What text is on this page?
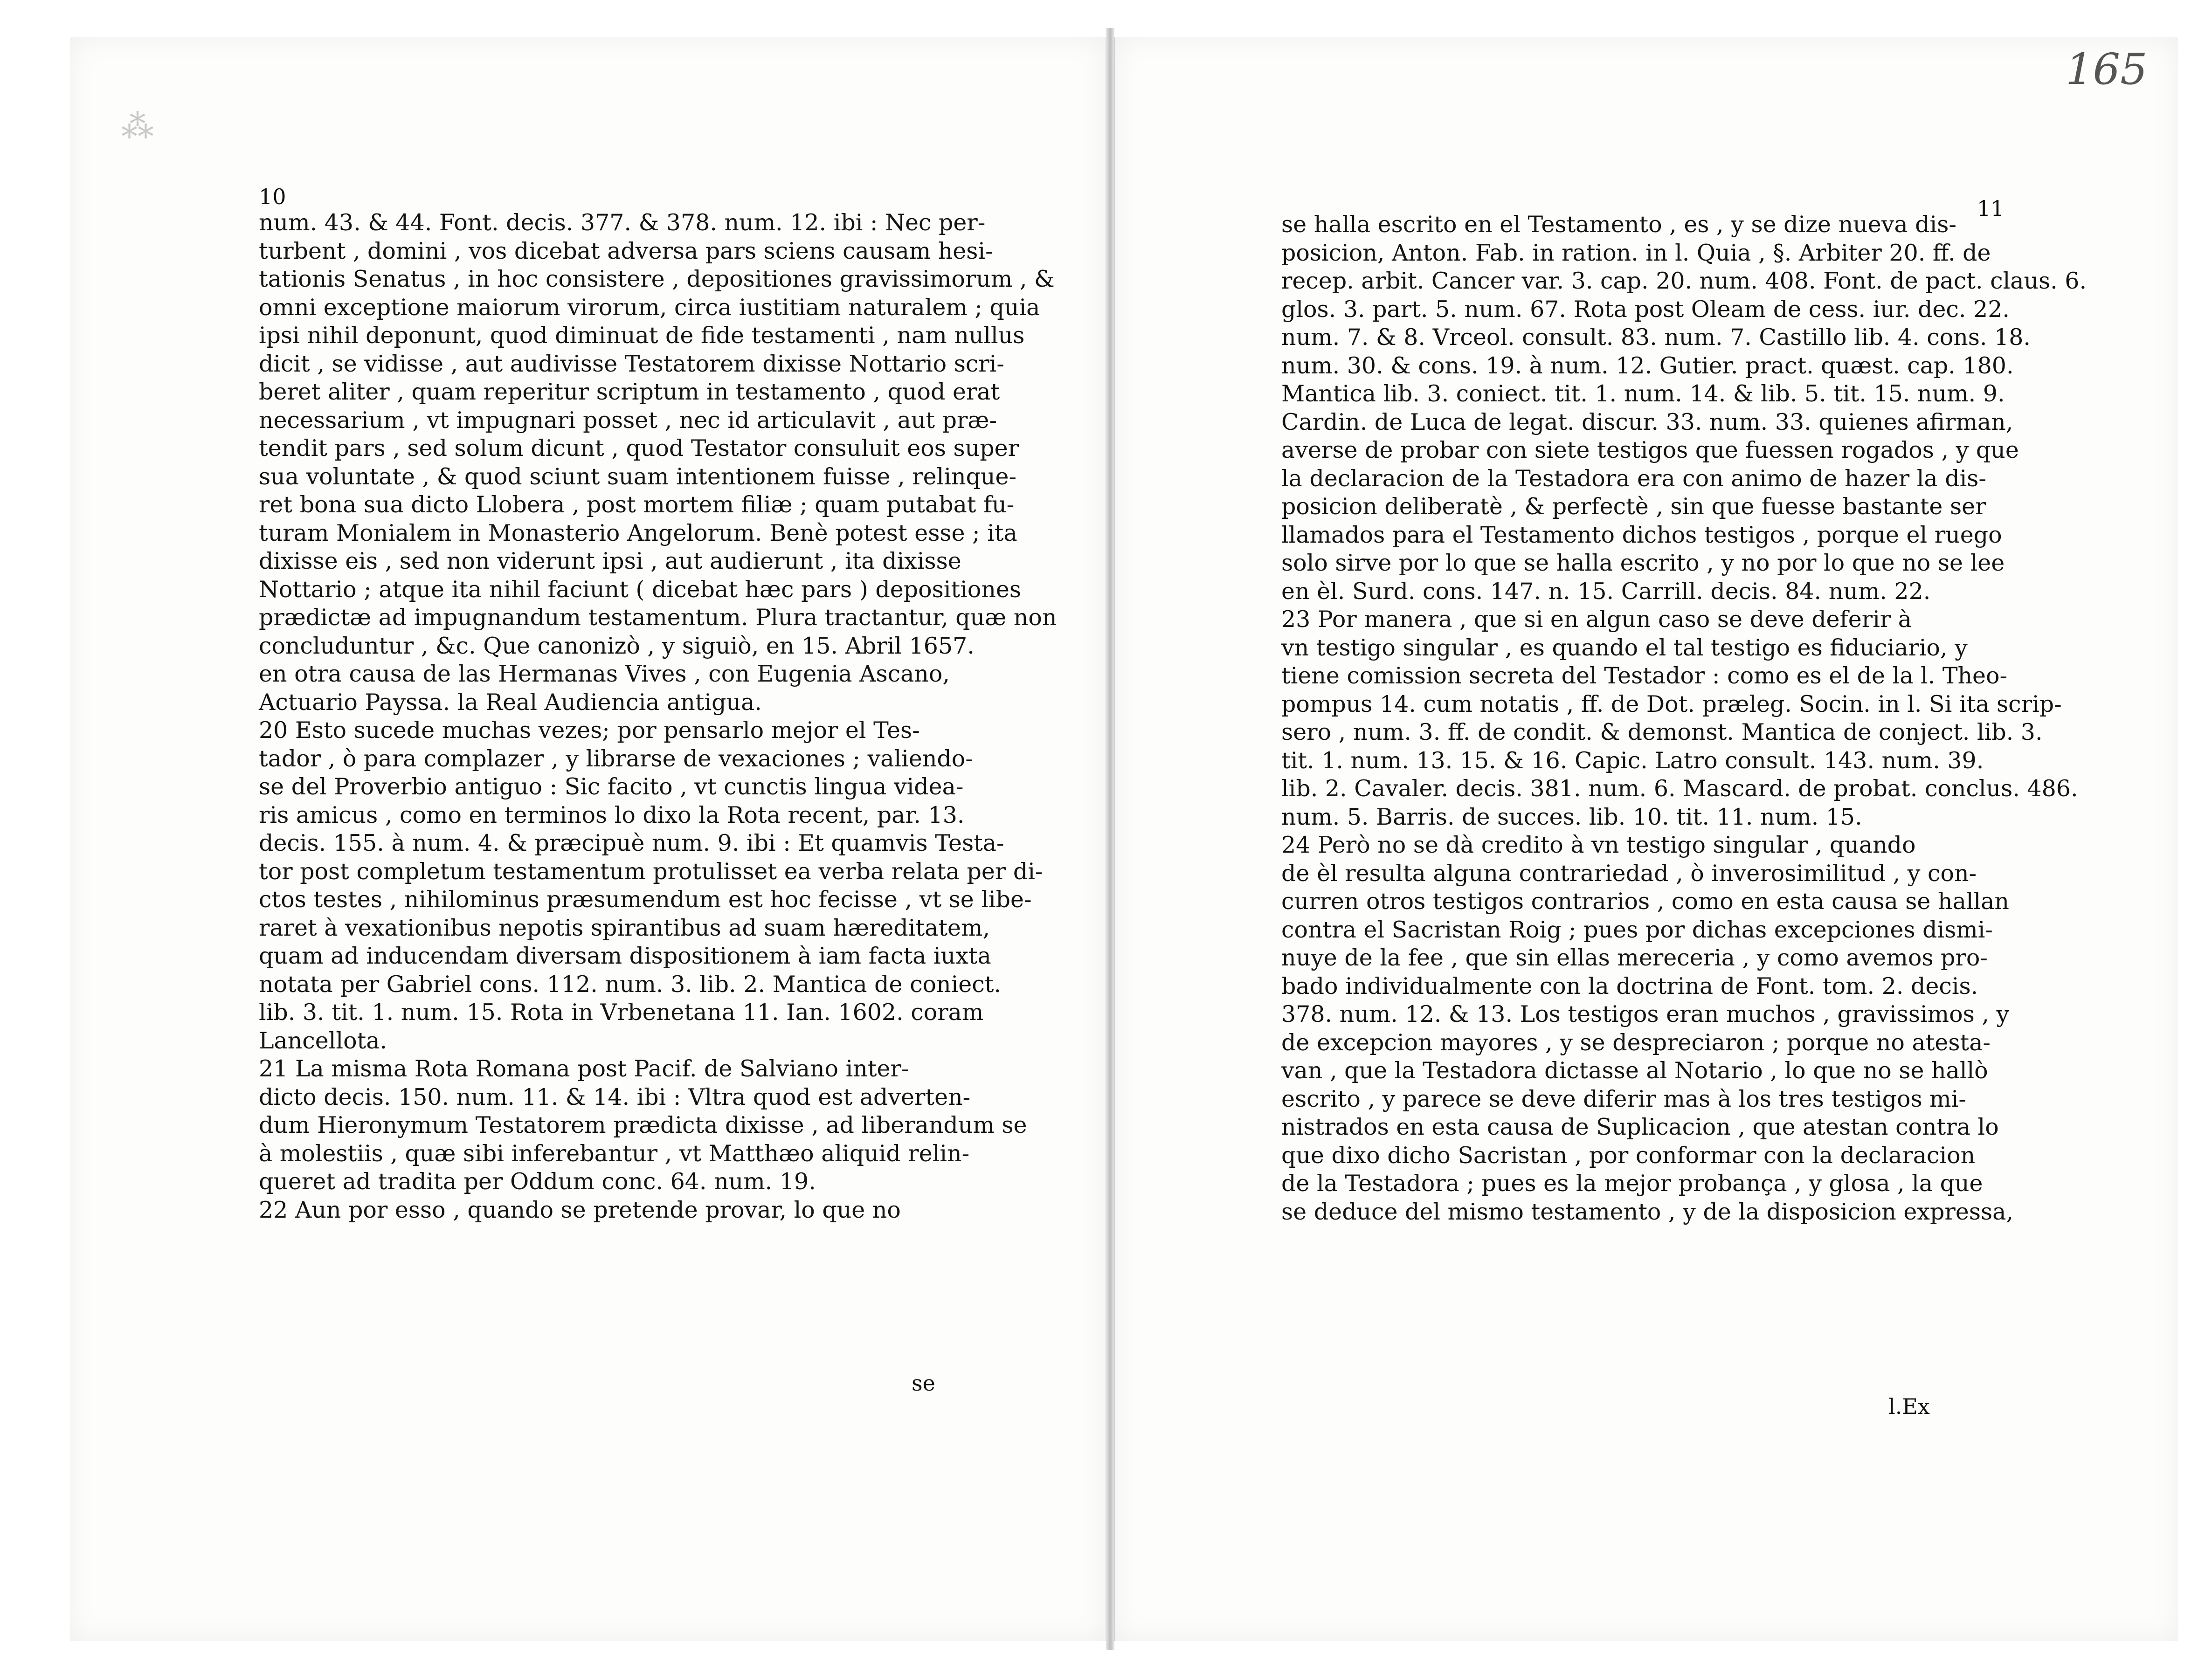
⁂
165
10	11
num. 43. & 44. Font. decis. 377. & 378. num. 12. ibi : Nec per-
turbent , domini , vos dicebat adversa pars sciens causam hesi-
tationis Senatus , in hoc consistere , depositiones gravissimorum , &
omni exceptione maiorum virorum, circa iustitiam naturalem ; quia
ipsi nihil deponunt, quod diminuat de fide testamenti , nam nullus
dicit , se vidisse , aut audivisse Testatorem dixisse Nottario scri-
beret aliter , quam reperitur scriptum in testamento , quod erat
necessarium , vt impugnari posset , nec id articulavit , aut præ-
tendit pars , sed solum dicunt , quod Testator consuluit eos super
sua voluntate , & quod sciunt suam intentionem fuisse , relinque-
ret bona sua dicto Llobera , post mortem filiæ ; quam putabat fu-
turam Monialem in Monasterio Angelorum. Benè potest esse ; ita
dixisse eis , sed non viderunt ipsi , aut audierunt , ita dixisse
Nottario ; atque ita nihil faciunt ( dicebat hæc pars ) depositiones
prædictæ ad impugnandum testamentum. Plura tractantur, quæ non
concluduntur , &c. Que canonizò , y siguiò, en 15. Abril 1657.
en otra causa de las Hermanas Vives , con Eugenia Ascano,
Actuario Payssa. la Real Audiencia antigua.
20 Esto sucede muchas vezes; por pensarlo mejor el Tes-
tador , ò para complazer , y librarse de vexaciones ; valiendo-
se del Proverbio antiguo : Sic facito , vt cunctis lingua videa-
ris amicus , como en terminos lo dixo la Rota recent, par. 13.
decis. 155. à num. 4. & præcipuè num. 9. ibi : Et quamvis Testa-
tor post completum testamentum protulisset ea verba relata per di-
ctos testes , nihilominus præsumendum est hoc fecisse , vt se libe-
raret à vexationibus nepotis spirantibus ad suam hæreditatem,
quam ad inducendam diversam dispositionem à iam facta iuxta
notata per Gabriel cons. 112. num. 3. lib. 2. Mantica de coniect.
lib. 3. tit. 1. num. 15. Rota in Vrbenetana 11. Ian. 1602. coram
Lancellota.
21 La misma Rota Romana post Pacif. de Salviano inter-
dicto decis. 150. num. 11. & 14. ibi : Vltra quod est adverten-
dum Hieronymum Testatorem prædicta dixisse , ad liberandum se
à molestiis , quæ sibi inferebantur , vt Matthæo aliquid relin-
queret ad tradita per Oddum conc. 64. num. 19.
22 Aun por esso , quando se pretende provar, lo que no
se halla escrito en el Testamento , es , y se dize nueva dis-
posicion, Anton. Fab. in ration. in l. Quia , §. Arbiter 20. ff. de
recep. arbit. Cancer var. 3. cap. 20. num. 408. Font. de pact. claus. 6.
glos. 3. part. 5. num. 67. Rota post Oleam de cess. iur. dec. 22.
num. 7. & 8. Vrceol. consult. 83. num. 7. Castillo lib. 4. cons. 18.
num. 30. & cons. 19. à num. 12. Gutier. pract. quæst. cap. 180.
Mantica lib. 3. coniect. tit. 1. num. 14. & lib. 5. tit. 15. num. 9.
Cardin. de Luca de legat. discur. 33. num. 33. quienes afirman,
averse de probar con siete testigos que fuessen rogados , y que
la declaracion de la Testadora era con animo de hazer la dis-
posicion deliberatè , & perfectè , sin que fuesse bastante ser
llamados para el Testamento dichos testigos , porque el ruego
solo sirve por lo que se halla escrito , y no por lo que no se lee
en èl. Surd. cons. 147. n. 15. Carrill. decis. 84. num. 22.
23 Por manera , que si en algun caso se deve deferir à
vn testigo singular , es quando el tal testigo es fiduciario, y
tiene comission secreta del Testador : como es el de la l. Theo-
pompus 14. cum notatis , ff. de Dot. præleg. Socin. in l. Si ita scrip-
sero , num. 3. ff. de condit. & demonst. Mantica de conject. lib. 3.
tit. 1. num. 13. 15. & 16. Capic. Latro consult. 143. num. 39.
lib. 2. Cavaler. decis. 381. num. 6. Mascard. de probat. conclus. 486.
num. 5. Barris. de succes. lib. 10. tit. 11. num. 15.
24 Però no se dà credito à vn testigo singular , quando
de èl resulta alguna contrariedad , ò inverosimilitud , y con-
curren otros testigos contrarios , como en esta causa se hallan
contra el Sacristan Roig ; pues por dichas excepciones dismi-
nuye de la fee , que sin ellas mereceria , y como avemos pro-
bado individualmente con la doctrina de Font. tom. 2. decis.
378. num. 12. & 13. Los testigos eran muchos , gravissimos , y
de excepcion mayores , y se despreciaron ; porque no atesta-
van , que la Testadora dictasse al Notario , lo que no se hallò
escrito , y parece se deve diferir mas à los tres testigos mi-
nistrados en esta causa de Suplicacion , que atestan contra lo
que dixo dicho Sacristan , por conformar con la declaracion
de la Testadora ; pues es la mejor probança , y glosa , la que
se deduce del mismo testamento , y de la disposicion expressa,
se
l.Ex
